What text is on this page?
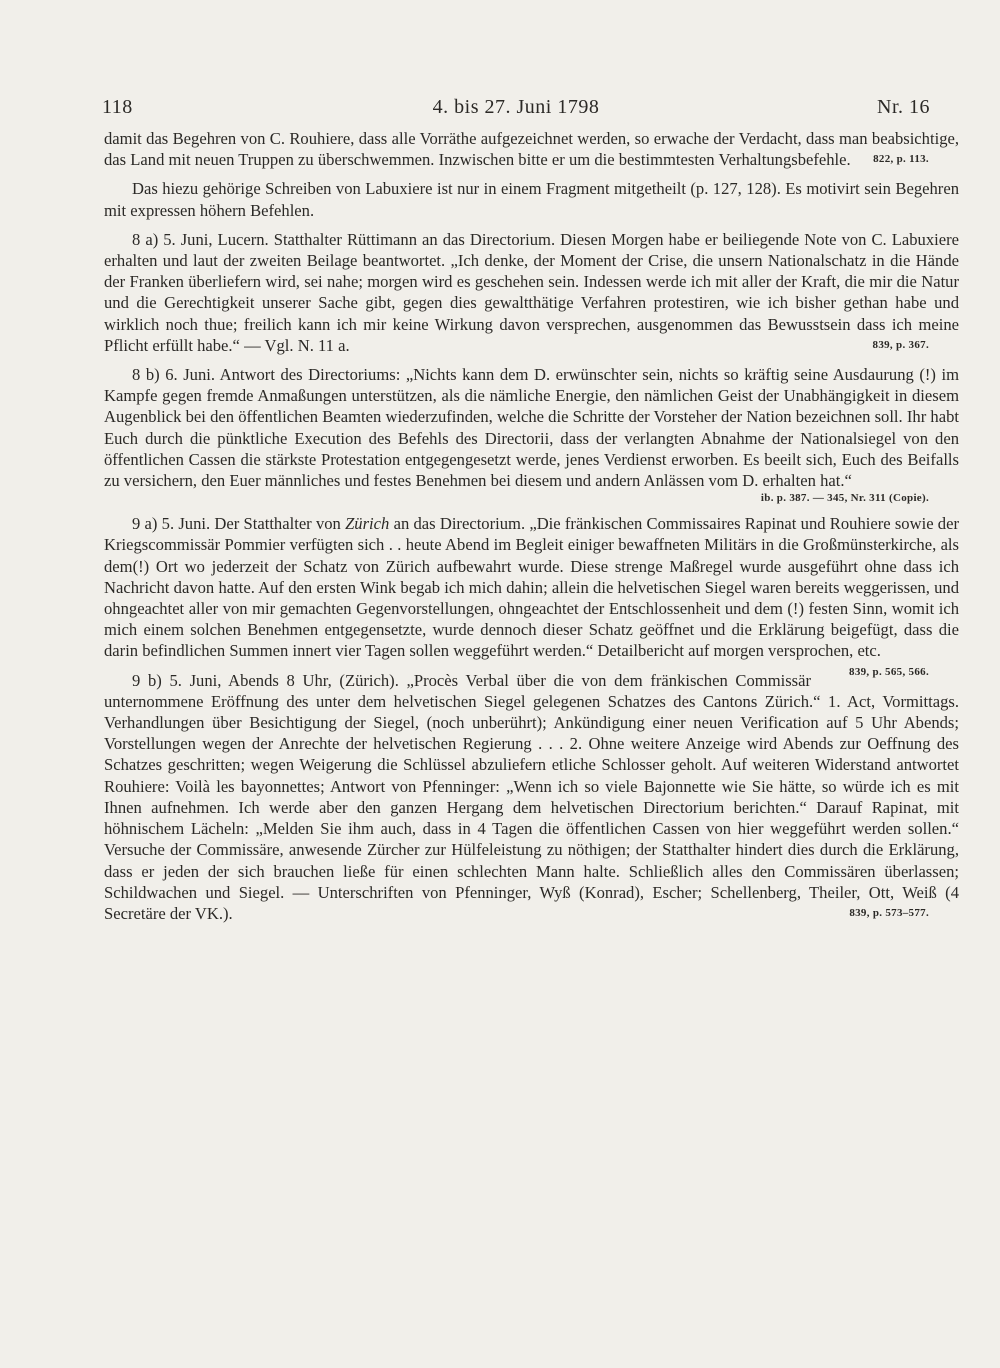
118	4. bis 27. Juni 1798	Nr. 16

damit das Begehren von C. Rouhiere, dass alle Vorräthe aufgezeichnet werden, so erwache der Verdacht, dass man beabsichtige, das Land mit neuen Truppen zu überschwemmen. Inzwischen bitte er um die bestimmtesten Verhaltungsbefehle. 822, p. 113.

Das hiezu gehörige Schreiben von Labuxiere ist nur in einem Fragment mitgetheilt (p. 127, 128). Es motivirt sein Begehren mit expressen höhern Befehlen.

8 a) 5. Juni, Lucern. Statthalter Rüttimann an das Directorium. Diesen Morgen habe er beiliegende Note von C. Labuxiere erhalten und laut der zweiten Beilage beantwortet. „Ich denke, der Moment der Crise, die unsern Nationalschatz in die Hände der Franken überliefern wird, sei nahe; morgen wird es geschehen sein. Indessen werde ich mit aller der Kraft, die mir die Natur und die Gerechtigkeit unserer Sache gibt, gegen dies gewaltthätige Verfahren protestiren, wie ich bisher gethan habe und wirklich noch thue; freilich kann ich mir keine Wirkung davon versprechen, ausgenommen das Bewusstsein dass ich meine Pflicht erfüllt habe.“ — Vgl. N. 11 a.	839, p. 367.

8 b) 6. Juni. Antwort des Directoriums: „Nichts kann dem D. erwünschter sein, nichts so kräftig seine Ausdaurung (!) im Kampfe gegen fremde Anmaßungen unterstützen, als die nämliche Energie, den nämlichen Geist der Unabhängigkeit in diesem Augenblick bei den öffentlichen Beamten wiederzufinden, welche die Schritte der Vorsteher der Nation bezeichnen soll. Ihr habt Euch durch die pünktliche Execution des Befehls des Directorii, dass der verlangten Abnahme der Nationalsiegel von den öffentlichen Cassen die stärkste Protestation entgegengesetzt werde, jenes Verdienst erworben. Es beeilt sich, Euch des Beifalls zu versichern, den Euer männliches und festes Benehmen bei diesem und andern Anlässen vom D. erhalten hat.“

ib. p. 387. — 345, Nr. 311 (Copie).

9 a) 5. Juni. Der Statthalter von Zürich an das Directorium. „Die fränkischen Commissaires Rapinat und Rouhiere sowie der Kriegscommissär Pommier verfügten sich . . heute Abend im Begleit einiger bewaffneten Militärs in die Großmünsterkirche, als dem(!) Ort wo jederzeit der Schatz von Zürich aufbewahrt wurde. Diese strenge Maßregel wurde ausgeführt ohne dass ich Nachricht davon hatte. Auf den ersten Wink begab ich mich dahin; allein die helvetischen Siegel waren bereits weggerissen, und ohngeachtet aller von mir gemachten Gegenvorstellungen, ohngeachtet der Entschlossenheit und dem (!) festen Sinn, womit ich mich einem solchen Benehmen entgegensetzte, wurde dennoch dieser Schatz geöffnet und die Erklärung beigefügt, dass die darin befindlichen Summen innert vier Tagen sollen weggeführt werden.“ Detailbericht auf morgen versprochen, etc.
839, p. 565, 566.

9 b) 5. Juni, Abends 8 Uhr, (Zürich). „Procès Verbal über die von dem fränkischen Commissär unternommene Eröffnung des unter dem helvetischen Siegel gelegenen Schatzes des Cantons Zürich.“ 1. Act, Vormittags. Verhandlungen über Besichtigung der Siegel, (noch unberührt); Ankündigung einer neuen Verification auf 5 Uhr Abends; Vorstellungen wegen der Anrechte der helvetischen Regierung . . . 2. Ohne weitere Anzeige wird Abends zur Oeffnung des Schatzes geschritten; wegen Weigerung die Schlüssel abzuliefern etliche Schlosser geholt. Auf weiteren Widerstand antwortet Rouhiere: Voilà les bayonnettes; Antwort von Pfenninger: „Wenn ich so viele Bajonnette wie Sie hätte, so würde ich es mit Ihnen aufnehmen. Ich werde aber den ganzen Hergang dem helvetischen Directorium berichten.“ Darauf Rapinat, mit höhnischem Lächeln: „Melden Sie ihm auch, dass in 4 Tagen die öffentlichen Cassen von hier weggeführt werden sollen.“ Versuche der Commissäre, anwesende Zürcher zur Hülfeleistung zu nöthigen; der Statthalter hindert dies durch die Erklärung, dass er jeden der sich brauchen ließe für einen schlechten Mann halte. Schließlich alles den Commissären überlassen; Schildwachen und Siegel. — Unterschriften von Pfenninger, Wyß (Konrad), Escher; Schellenberg, Theiler, Ott, Weiß (4 Secretäre der VK.).	839, p. 573–577.
